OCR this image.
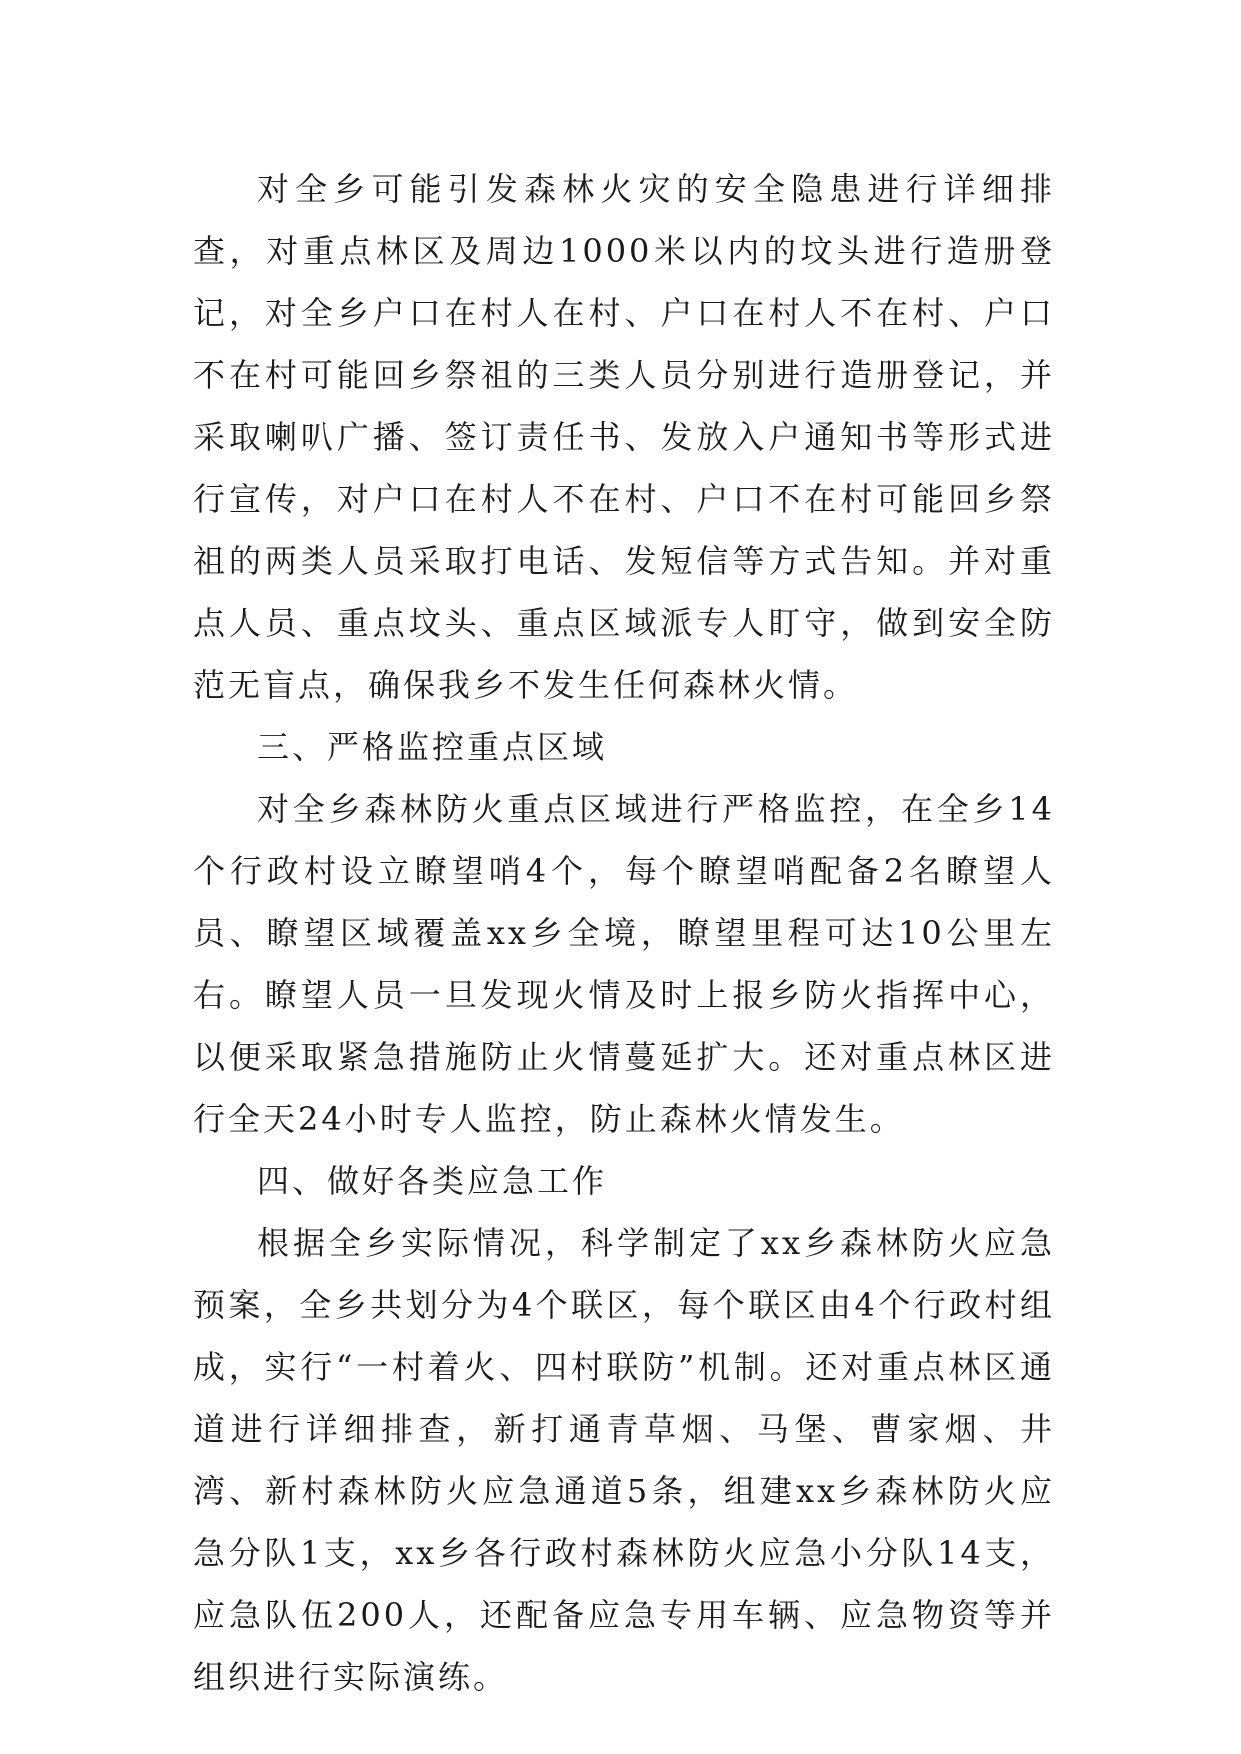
对全乡可能引发森林火灾的安全隐患进行详细排查，对重点林区及周边1000米以内的坟头进行造册登记，对全乡户口在村人在村、户口在村人不在村、户口不在村可能回乡祭祖的三类人员分别进行造册登记，并采取喇叭广播、签订责任书、发放入户通知书等形式进行宣传，对户口在村人不在村、户口不在村可能回乡祭祖的两类人员采取打电话、发短信等方式告知。并对重点人员、重点坟头、重点区域派专人盯守，做到安全防范无盲点，确保我乡不发生任何森林火情。

三、严格监控重点区域

对全乡森林防火重点区域进行严格监控，在全乡14个行政村设立瞭望哨4个，每个瞭望哨配备2名瞭望人员、瞭望区域覆盖xx乡全境，瞭望里程可达10公里左右。瞭望人员一旦发现火情及时上报乡防火指挥中心，以便采取紧急措施防止火情蔓延扩大。还对重点林区进行全天24小时专人监控，防止森林火情发生。

四、做好各类应急工作

根据全乡实际情况，科学制定了xx乡森林防火应急预案，全乡共划分为4个联区，每个联区由4个行政村组成，实行“一村着火、四村联防”机制。还对重点林区通道进行详细排查，新打通青草烟、马堡、曹家烟、井湾、新村森林防火应急通道5条，组建xx乡森林防火应急分队1支，xx乡各行政村森林防火应急小分队14支，应急队伍200人，还配备应急专用车辆、应急物资等并组织进行实际演练。
